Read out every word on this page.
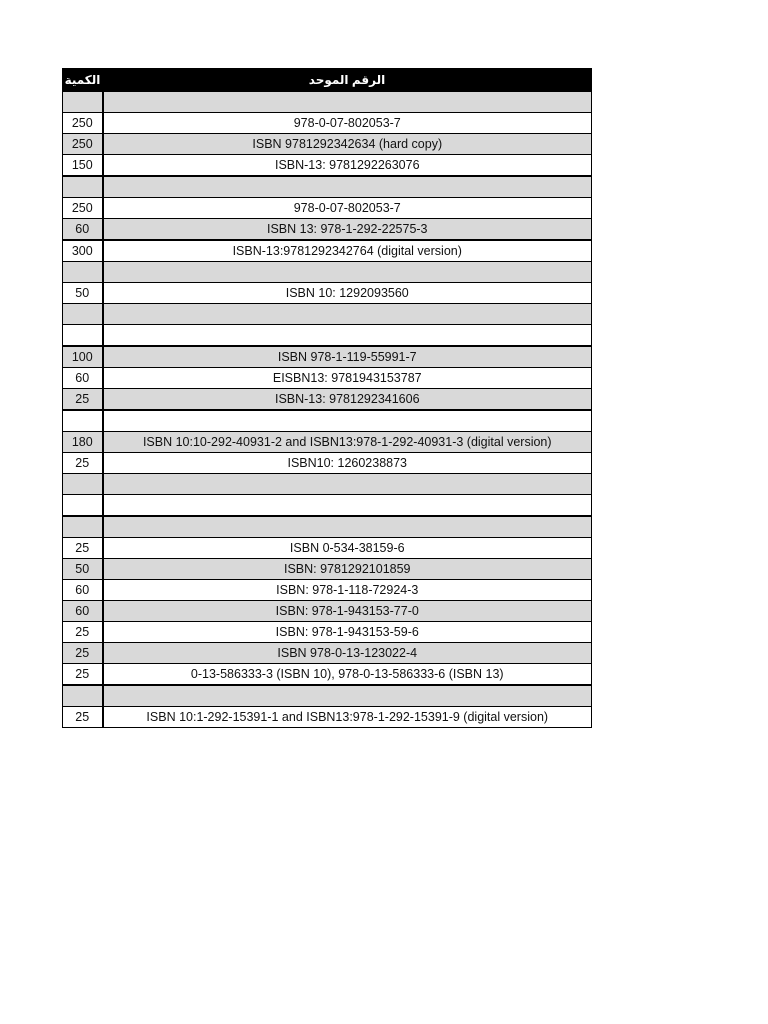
الكمية	الرقم الموحد

250	978-0-07-802053-7
250	ISBN 9781292342634 (hard copy)
150	ISBN-13: 9781292263076

250	978-0-07-802053-7
60	ISBN 13: 978-1-292-22575-3
300	ISBN-13:9781292342764 (digital version)

50	ISBN 10: 1292093560

100	ISBN 978-1-119-55991-7
60	EISBN13: 9781943153787
25	ISBN-13: 9781292341606

180	ISBN 10:10-292-40931-2 and ISBN13:978-1-292-40931-3 (digital version)
25	ISBN10: 1260238873

25	ISBN 0-534-38159-6
50	ISBN: 9781292101859
60	ISBN: 978-1-118-72924-3
60	ISBN: 978-1-943153-77-0
25	ISBN: 978-1-943153-59-6
25	ISBN 978-0-13-123022-4
25	0-13-586333-3 (ISBN 10), 978-0-13-586333-6 (ISBN 13)

25	ISBN 10:1-292-15391-1 and ISBN13:978-1-292-15391-9 (digital version)
